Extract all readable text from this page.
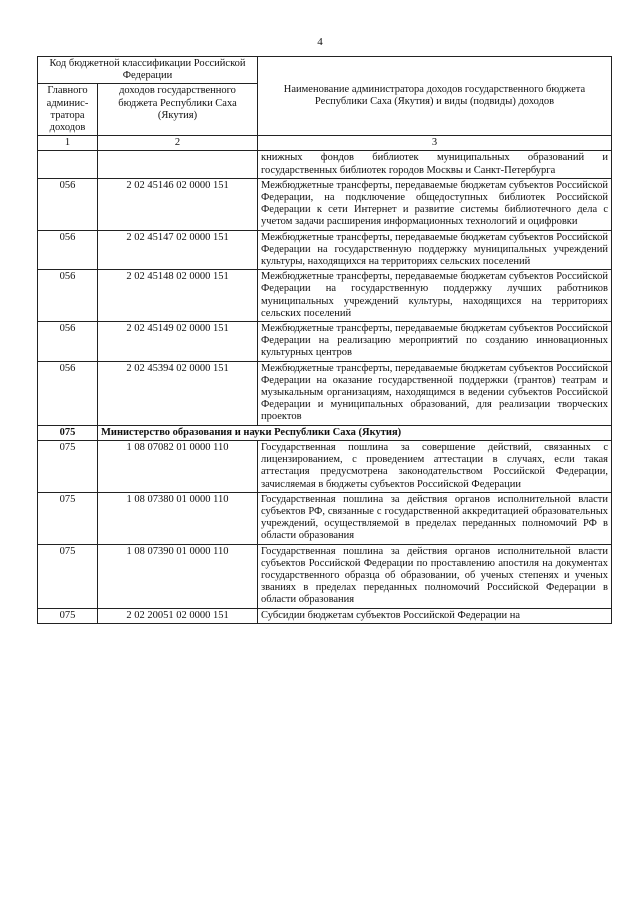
4
Код бюджетной классификации Российской Федерации		Наименование администратора доходов государственного бюджета Республики Саха (Якутия) и виды (подвиды) доходов
Главного админис-тратора доходов	доходов государственного бюджета Республики Саха (Якутия)	
1	2	3
		книжных фондов библиотек муниципальных образований и государственных библиотек городов Москвы и Санкт-Петербурга
056	2 02 45146 02 0000 151	Межбюджетные трансферты, передаваемые бюджетам субъектов Российской Федерации, на подключение общедоступных библиотек Российской Федерации к сети Интернет и развитие системы библиотечного дела с учетом задачи расширения информационных технологий и оцифровки
056	2 02 45147 02 0000 151	Межбюджетные трансферты, передаваемые бюджетам субъектов Российской Федерации на государственную поддержку муниципальных учреждений культуры, находящихся на территориях сельских поселений
056	2 02 45148 02 0000 151	Межбюджетные трансферты, передаваемые бюджетам субъектов Российской Федерации на государственную поддержку лучших работников муниципальных учреждений культуры, находящихся на территориях сельских поселений
056	2 02 45149 02 0000 151	Межбюджетные трансферты, передаваемые бюджетам субъектов Российской Федерации на реализацию мероприятий по созданию инновационных культурных центров
056	2 02 45394 02 0000 151	Межбюджетные трансферты, передаваемые бюджетам субъектов Российской Федерации на оказание государственной поддержки (грантов) театрам и музыкальным организациям, находящимся в ведении субъектов Российской Федерации и муниципальных образований, для реализации творческих проектов
075	Министерство образования и науки Республики Саха (Якутия)	
075	1 08 07082 01 0000 110	Государственная пошлина за совершение действий, связанных с лицензированием, с проведением аттестации в случаях, если такая аттестация предусмотрена законодательством Российской Федерации, зачисляемая в бюджеты субъектов Российской Федерации
075	1 08 07380 01 0000 110	Государственная пошлина за действия органов исполнительной власти субъектов РФ, связанные с государственной аккредитацией образовательных учреждений, осуществляемой в пределах переданных полномочий РФ в области образования
075	1 08 07390 01 0000 110	Государственная пошлина за действия органов исполнительной власти субъектов Российской Федерации по проставлению апостиля на документах государственного образца об образовании, об ученых степенях и ученых званиях в пределах переданных полномочий Российской Федерации в области образования
075	2 02 20051 02 0000 151	Субсидии бюджетам субъектов Российской Федерации на
